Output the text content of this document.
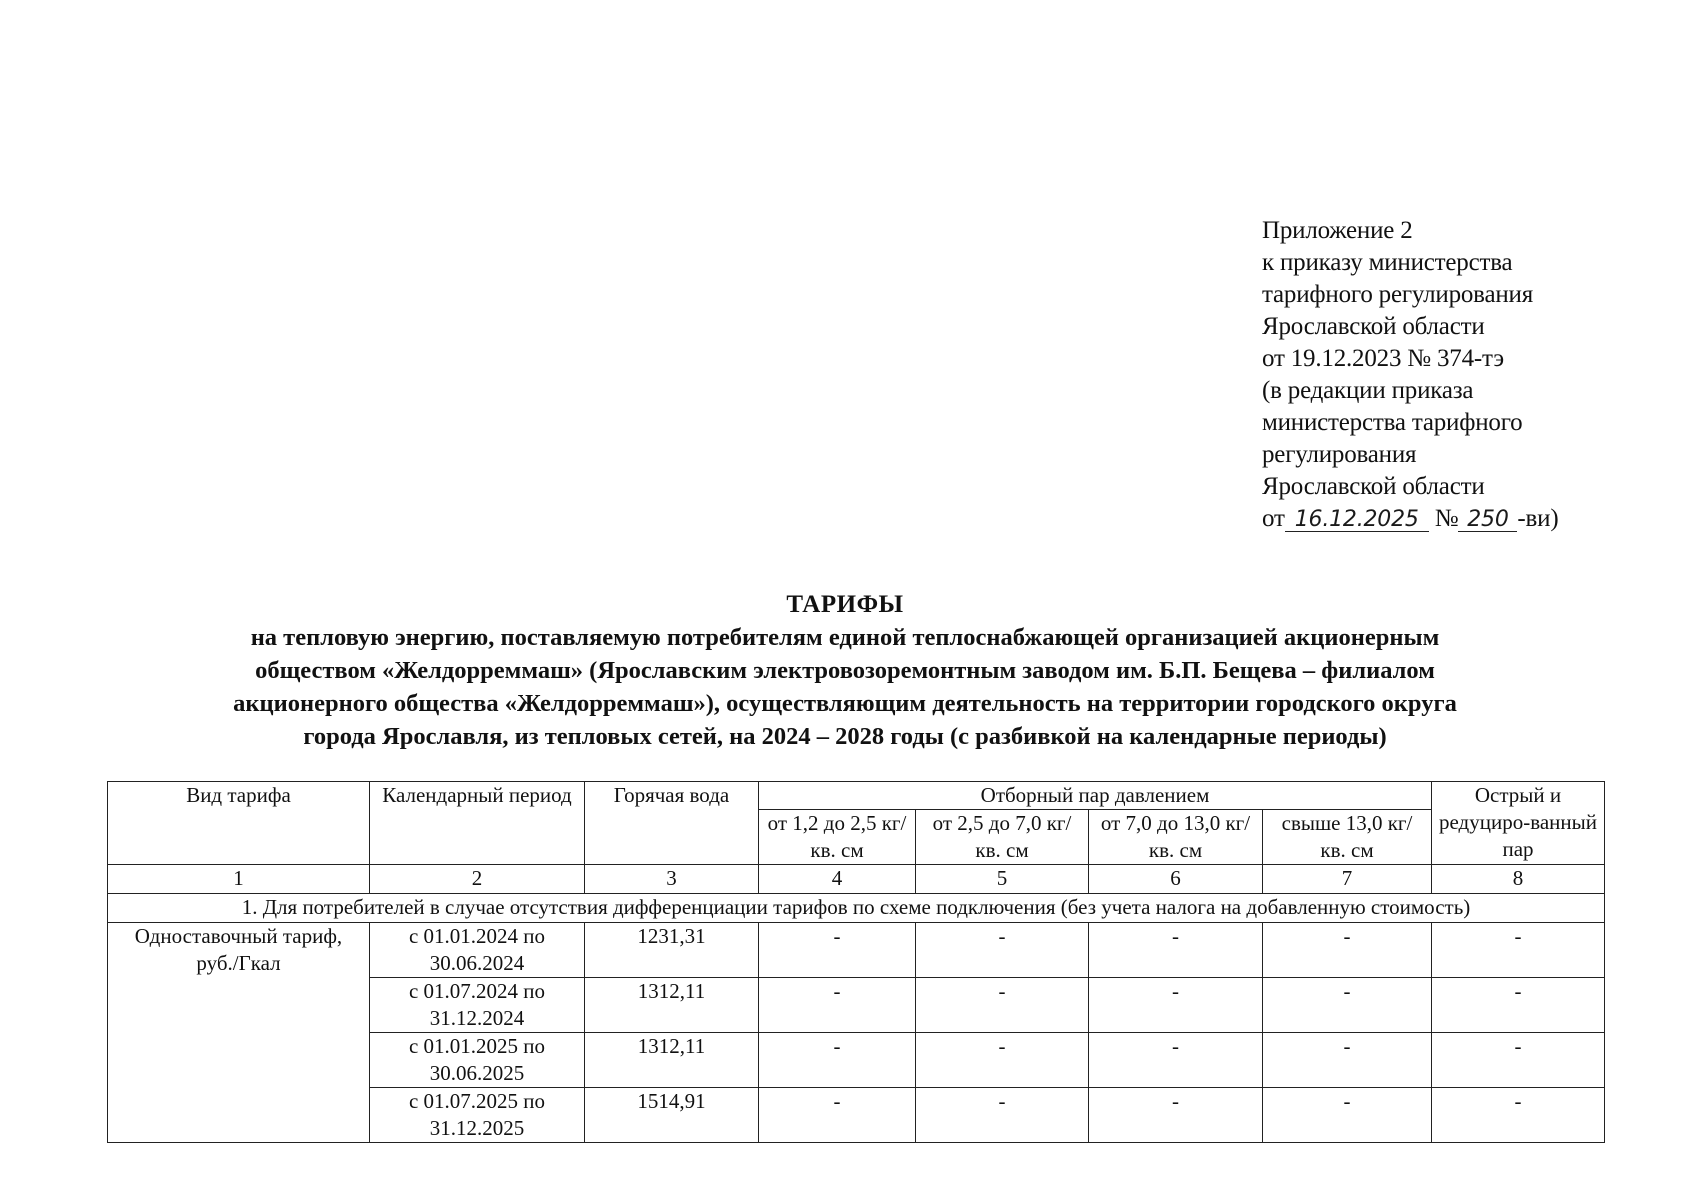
Приложение 2
к приказу министерства
тарифного регулирования
Ярославской области
от 19.12.2023 № 374-тэ
(в редакции приказа
министерства тарифного
регулирования
Ярославской области
от 16.12.2025 № 250 -ви)
ТАРИФЫ
на тепловую энергию, поставляемую потребителям единой теплоснабжающей организацией акционерным
обществом «Желдорреммаш» (Ярославским электровозоремонтным заводом им. Б.П. Бещева – филиалом
акционерного общества «Желдорреммаш»), осуществляющим деятельность на территории городского округа
города Ярославля, из тепловых сетей, на 2024 – 2028 годы (с разбивкой на календарные периоды)
Вид тарифа	Календарный период	Горячая вода	Отборный пар давлением				Острый и редуциро-ванный пар
			от 1,2 до 2,5 кг/ кв. см	от 2,5 до 7,0 кг/ кв. см	от 7,0 до 13,0 кг/ кв. см	свыше 13,0 кг/ кв. см	
1	2	3	4	5	6	7	8
1. Для потребителей в случае отсутствия дифференциации тарифов по схеме подключения (без учета налога на добавленную стоимость)							
Одноставочный тариф, руб./Гкал	с 01.01.2024 по 30.06.2024	1231,31	-	-	-	-	-
	с 01.07.2024 по 31.12.2024	1312,11	-	-	-	-	-
	с 01.01.2025 по 30.06.2025	1312,11	-	-	-	-	-
	с 01.07.2025 по 31.12.2025	1514,91	-	-	-	-	-
